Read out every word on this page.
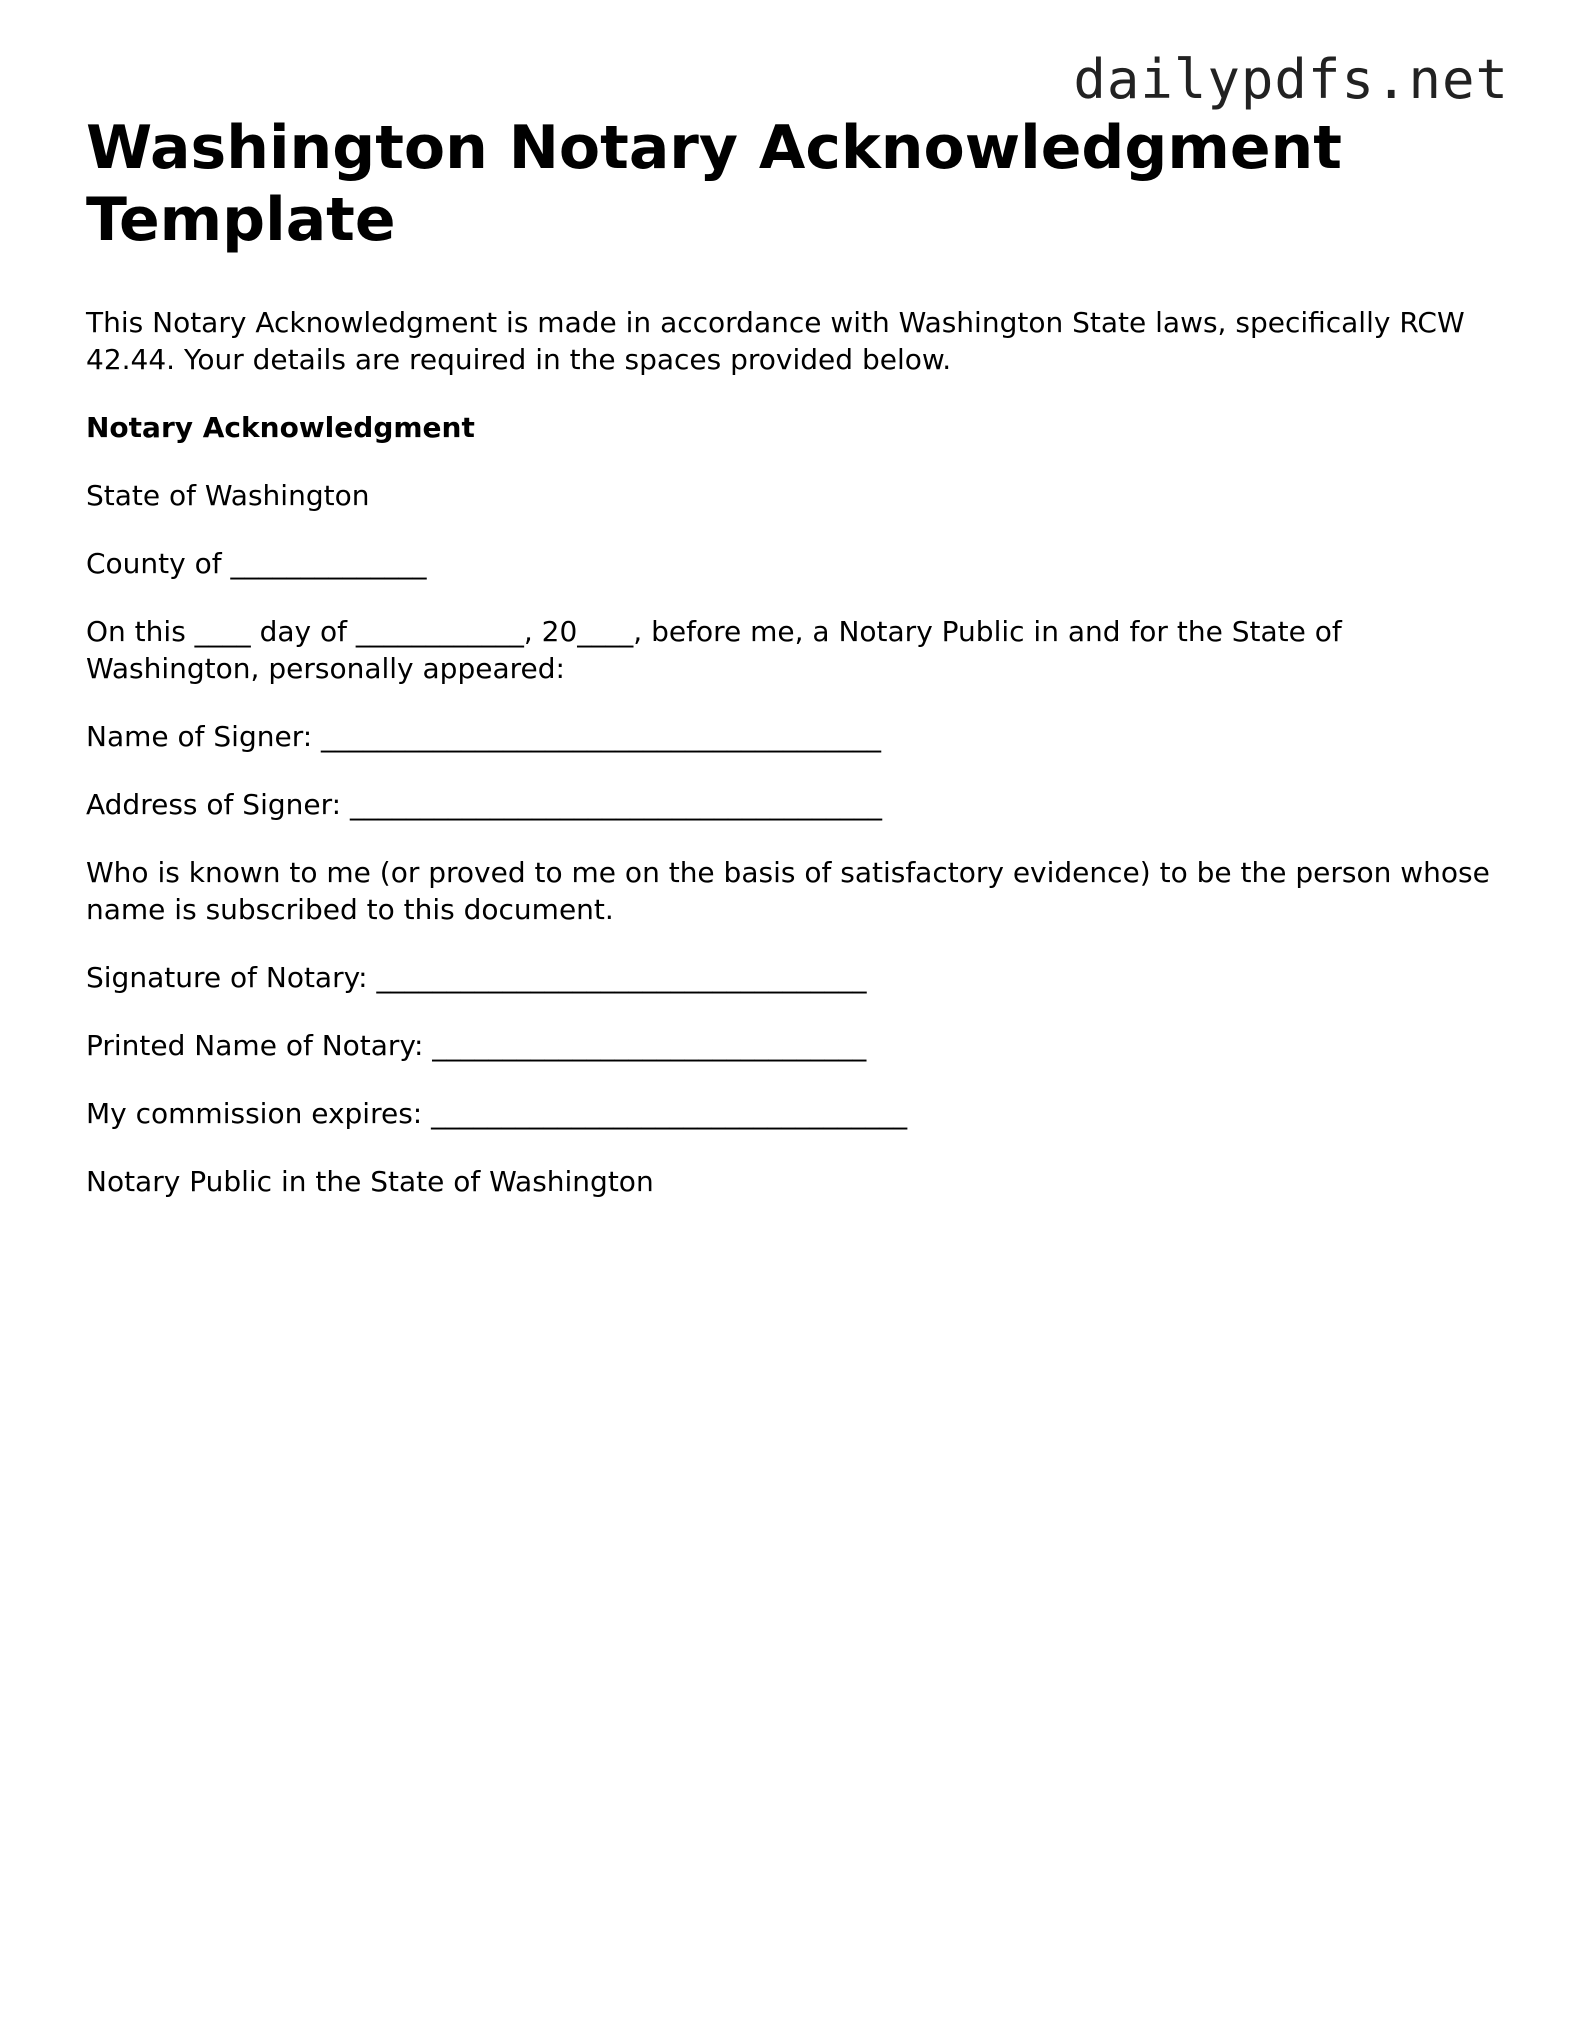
dailypdfs.net
Washington Notary Acknowledgment Template

This Notary Acknowledgment is made in accordance with Washington State laws, specifically RCW 42.44. Your details are required in the spaces provided below.

Notary Acknowledgment

State of Washington

County of ______________

On this ____ day of ____________, 20____, before me, a Notary Public in and for the State of Washington, personally appeared:

Name of Signer: ________________________________________

Address of Signer: ______________________________________

Who is known to me (or proved to me on the basis of satisfactory evidence) to be the person whose name is subscribed to this document.

Signature of Notary: ___________________________________

Printed Name of Notary: _______________________________

My commission expires: __________________________________

Notary Public in the State of Washington
